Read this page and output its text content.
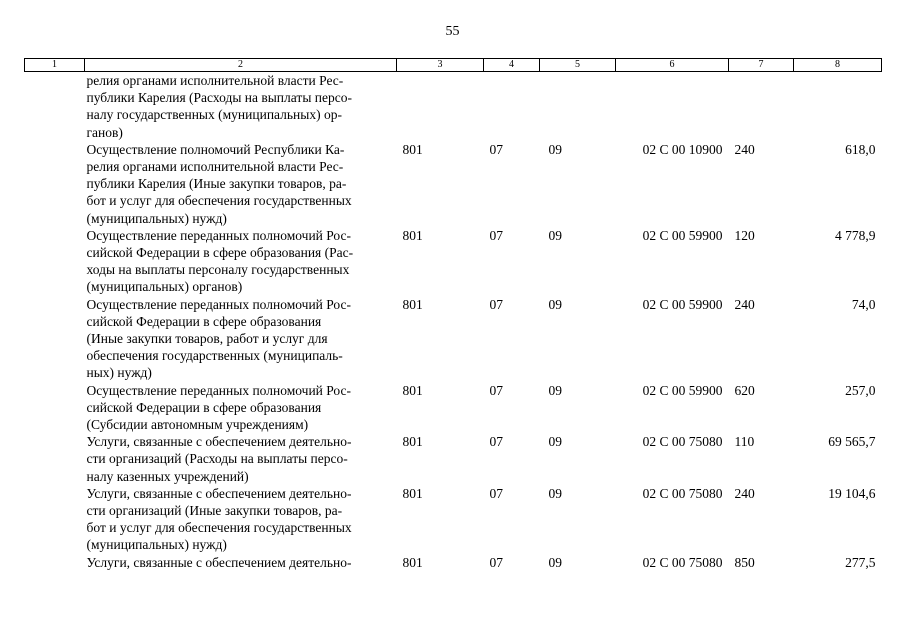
55
1	2	3	4	5	6	7	8

	релия органами исполнительной власти Рес-
публики Карелия (Расходы на выплаты персо-
налу государственных (муниципальных) ор-
ганов)						

	Осуществление полномочий Республики Ка-
релия органами исполнительной власти Рес-
публики Карелия (Иные закупки товаров, ра-
бот и услуг для обеспечения государственных
(муниципальных) нужд)	801	07	09	02 С 00 10900	240	618,0

	Осуществление переданных полномочий Рос-
сийской Федерации в сфере образования (Рас-
ходы на выплаты персоналу государственных
(муниципальных) органов)	801	07	09	02 С 00 59900	120	4 778,9

	Осуществление переданных полномочий Рос-
сийской Федерации в сфере образования
(Иные закупки товаров, работ и услуг для
обеспечения государственных (муниципаль-
ных) нужд)	801	07	09	02 С 00 59900	240	74,0

	Осуществление переданных полномочий Рос-
сийской Федерации в сфере образования
(Субсидии автономным учреждениям)	801	07	09	02 С 00 59900	620	257,0

	Услуги, связанные с обеспечением деятельно-
сти организаций (Расходы на выплаты персо-
налу казенных учреждений)	801	07	09	02 С 00 75080	110	69 565,7

	Услуги, связанные с обеспечением деятельно-
сти организаций (Иные закупки товаров, ра-
бот и услуг для обеспечения государственных
(муниципальных) нужд)	801	07	09	02 С 00 75080	240	19 104,6

	Услуги, связанные с обеспечением деятельно-	801	07	09	02 С 00 75080	850	277,5
